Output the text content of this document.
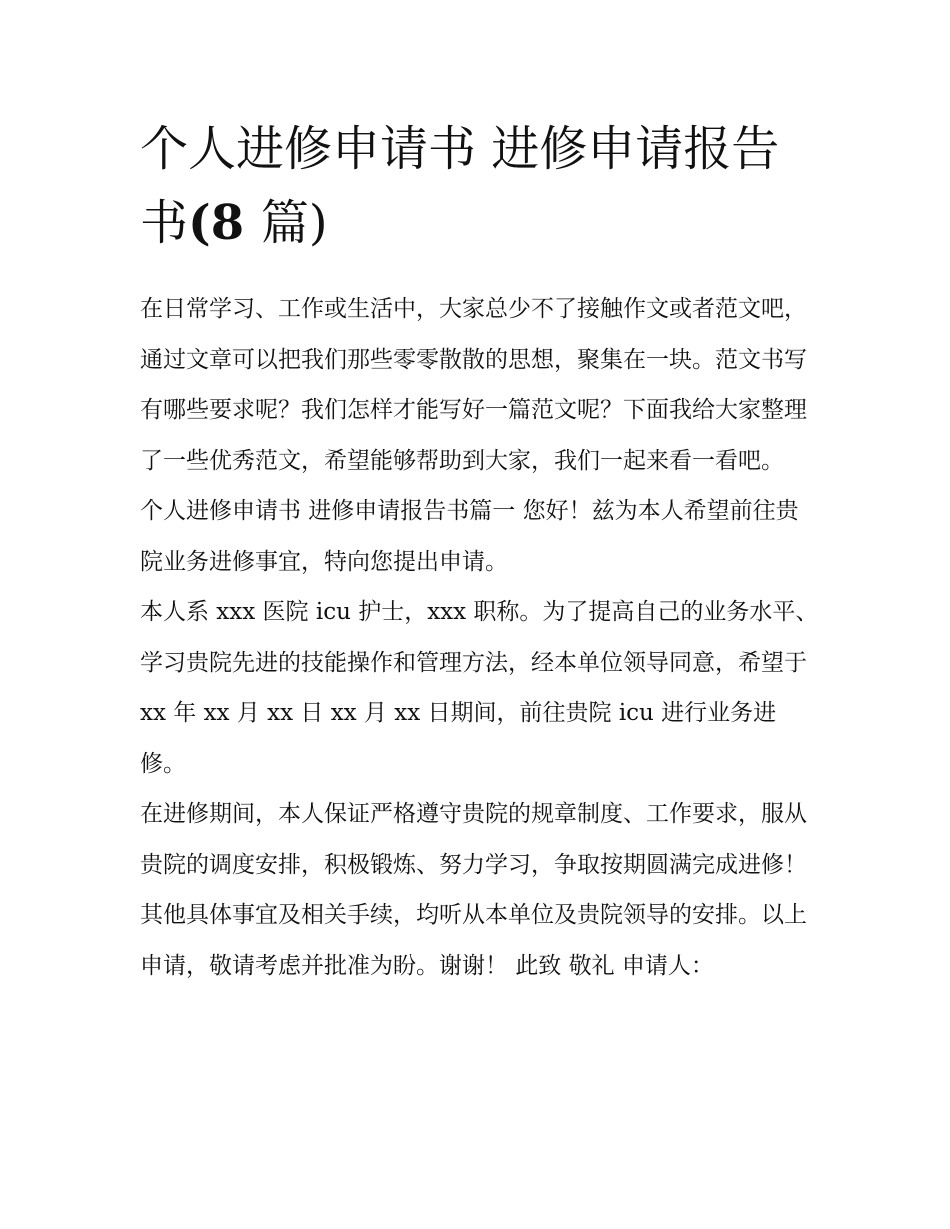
个人进修申请书 进修申请报告
书(8 篇)

在日常学习、工作或生活中，大家总少不了接触作文或者范文吧，通过文章可以把我们那些零零散散的思想，聚集在一块。范文书写有哪些要求呢？我们怎样才能写好一篇范文呢？下面我给大家整理了一些优秀范文，希望能够帮助到大家，我们一起来看一看吧。

个人进修申请书 进修申请报告书篇一 您好！兹为本人希望前往贵院业务进修事宜，特向您提出申请。

本人系 xxx 医院 icu 护士，xxx 职称。为了提高自己的业务水平、学习贵院先进的技能操作和管理方法，经本单位领导同意，希望于 xx 年 xx 月 xx 日 xx 月 xx 日期间，前往贵院 icu 进行业务进修。

在进修期间，本人保证严格遵守贵院的规章制度、工作要求，服从贵院的调度安排，积极锻炼、努力学习，争取按期圆满完成进修！

其他具体事宜及相关手续，均听从本单位及贵院领导的安排。以上申请，敬请考虑并批准为盼。谢谢！ 此致 敬礼 申请人：
